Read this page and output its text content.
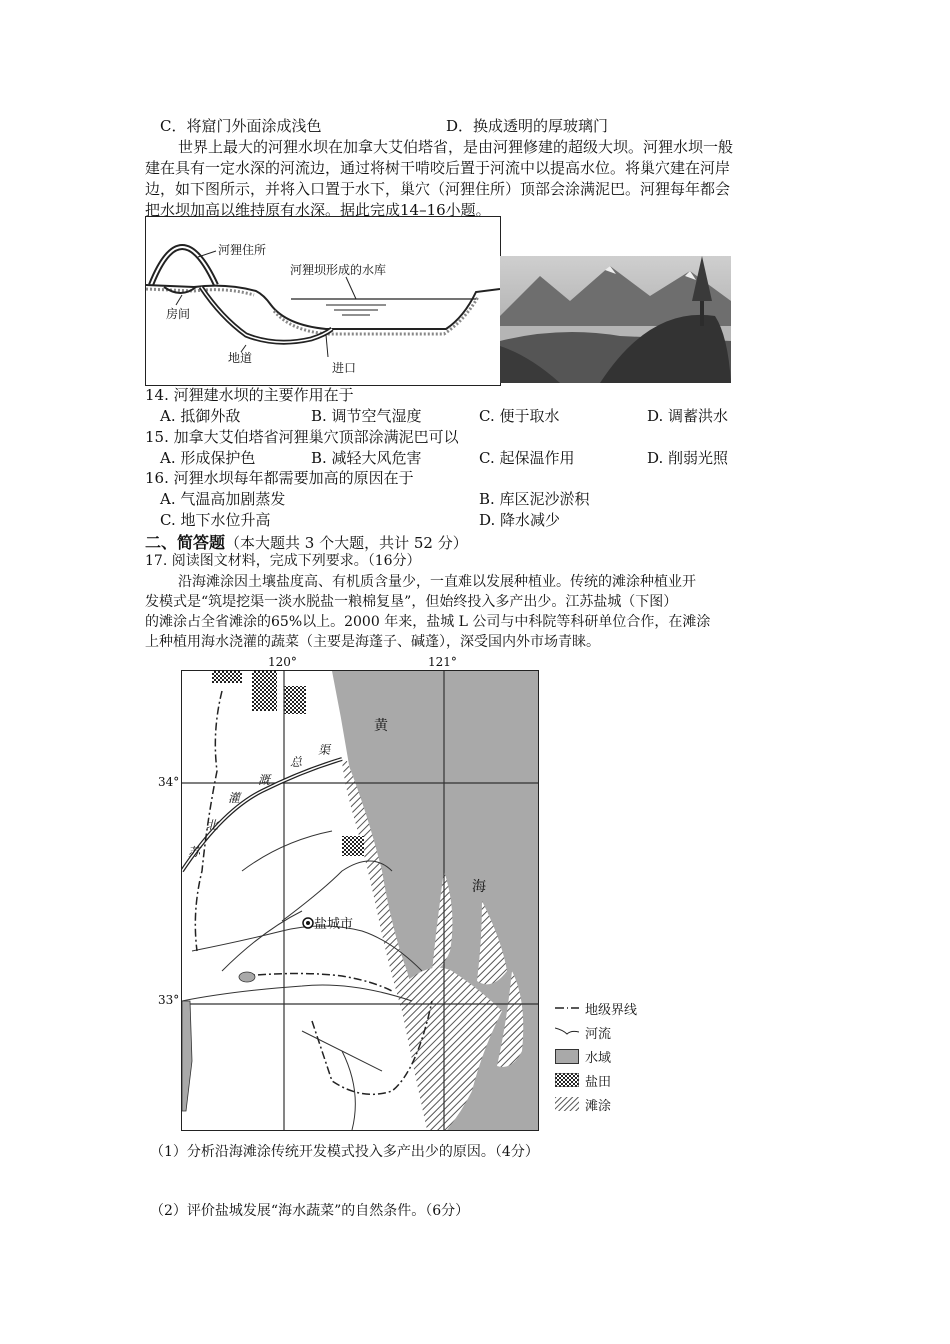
C．将窟门外面涂成浅色	D．换成透明的厚玻璃门
世界上最大的河狸水坝在加拿大艾伯塔省，是由河狸修建的超级大坝。河狸水坝一般
建在具有一定水深的河流边，通过将树干啃咬后置于河流中以提高水位。将巢穴建在河岸
边，如下图所示，并将入口置于水下，巢穴（河狸住所）顶部会涂满泥巴。河狸每年都会
把水坝加高以维持原有水深。据此完成14–16小题。
河狸住所
河狸坝形成的水库
房间
地道
进口
14. 河狸建水坝的主要作用在于
A. 抵御外敌	B. 调节空气湿度	C. 便于取水	D. 调蓄洪水
15. 加拿大艾伯塔省河狸巢穴顶部涂满泥巴可以
A. 形成保护色	B. 减轻大风危害	C. 起保温作用	D. 削弱光照
16. 河狸水坝每年都需要加高的原因在于
A. 气温高加剧蒸发	B. 库区泥沙淤积
C. 地下水位升高	D. 降水减少
二、简答题（本大题共 3 个大题，共计 52 分）
17. 阅读图文材料，完成下列要求。（16分）
沿海滩涂因土壤盐度高、有机质含量少，一直难以发展种植业。传统的滩涂种植业开
发模式是“筑堤挖渠一淡水脱盐一粮棉复垦”，但始终投入多产出少。江苏盐城（下图）
的滩涂占全省滩涂的65%以上。2000 年来，盐城 L 公司与中科院等科研单位合作，在滩涂
上种植用海水浇灌的蔬菜（主要是海蓬子、碱蓬），深受国内外市场青睐。
120°	121°
34°
33°
黄
海
盐城市
苏
北
灌
溉
总
渠
地级界线
河流
水域
盐田
滩涂
（1）分析沿海滩涂传统开发模式投入多产出少的原因。（4分）
（2）评价盐城发展“海水蔬菜”的自然条件。（6分）
